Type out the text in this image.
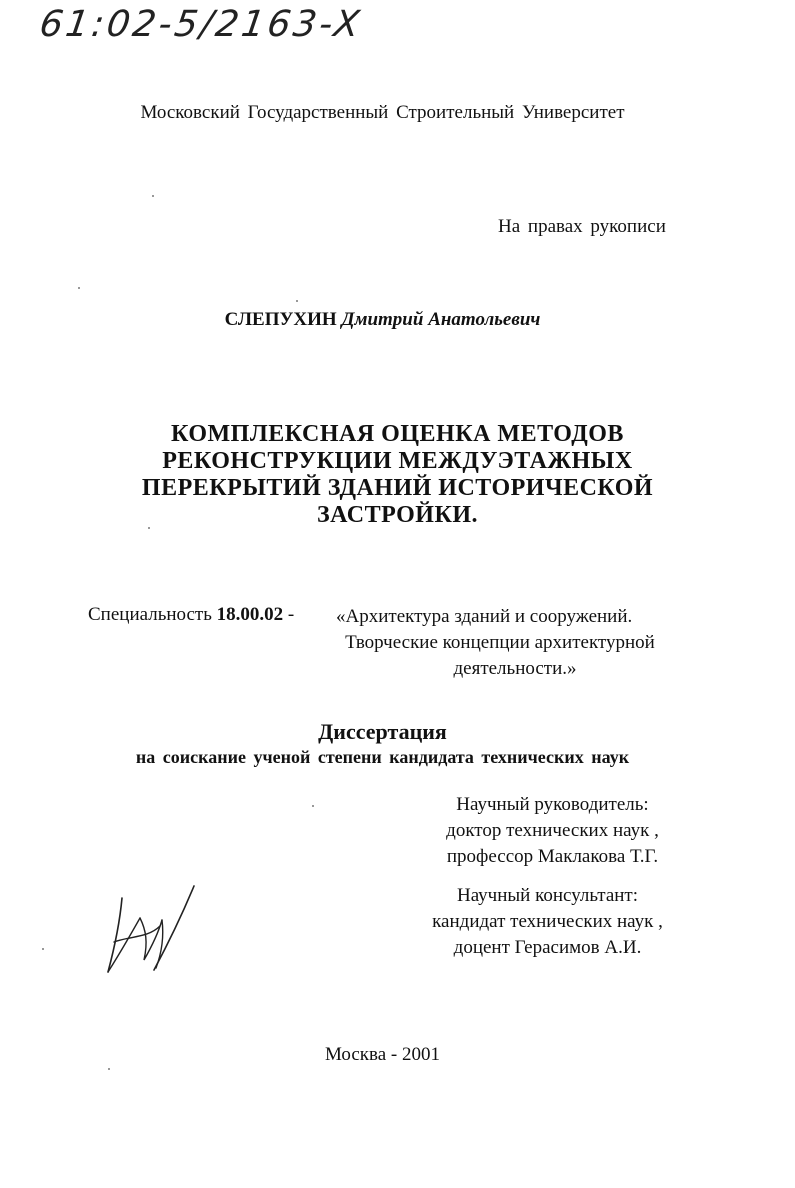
61:02-5/2163-X
Московский Государственный Строительный Университет
На правах рукописи
СЛЕПУХИН Дмитрий Анатольевич
КОМПЛЕКСНАЯ ОЦЕНКА МЕТОДОВ
РЕКОНСТРУКЦИИ МЕЖДУЭТАЖНЫХ
ПЕРЕКРЫТИЙ ЗДАНИЙ ИСТОРИЧЕСКОЙ
ЗАСТРОЙКИ.
Специальность 18.00.02 -	«Архитектура зданий и сооружений.
Творческие концепции архитектурной
деятельности.»
Диссертация
на соискание ученой степени кандидата технических наук
Научный руководитель:
доктор технических наук ,
профессор Маклакова Т.Г.
Научный консультант:
кандидат технических наук ,
доцент Герасимов А.И.
Москва - 2001
